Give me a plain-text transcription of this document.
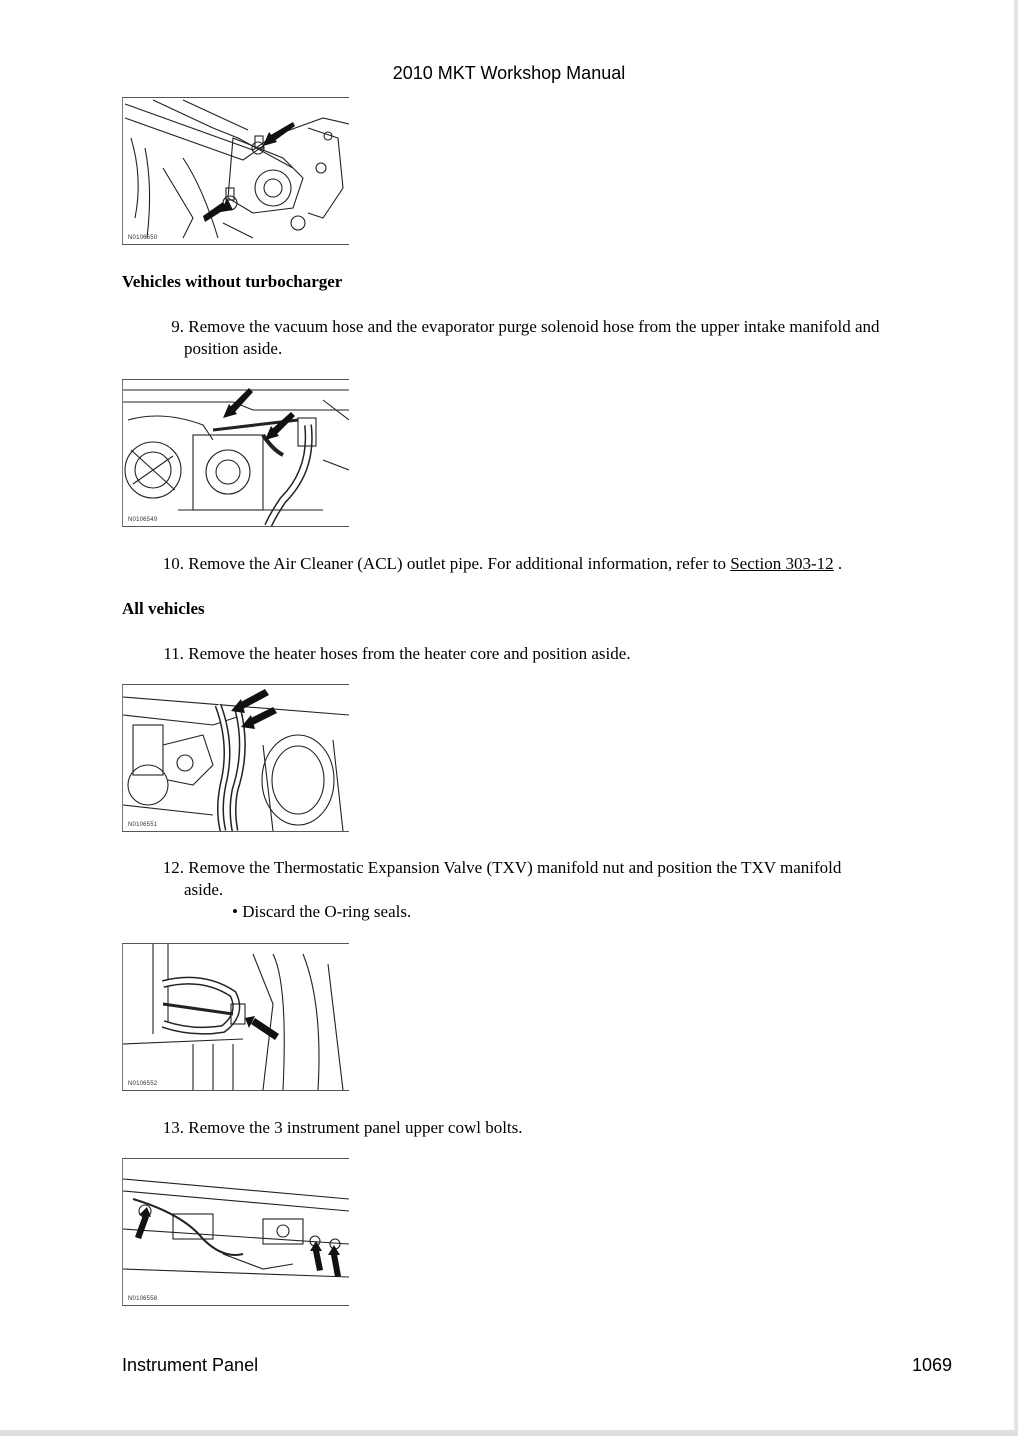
2010 MKT Workshop Manual
N0106550
Vehicles without turbocharger
9. Remove the vacuum hose and the evaporator purge solenoid hose from the upper intake manifold and
position aside.
N0106549
10. Remove the Air Cleaner (ACL) outlet pipe. For additional information, refer to Section 303-12 .
All vehicles
11. Remove the heater hoses from the heater core and position aside.
N0106551
12. Remove the Thermostatic Expansion Valve (TXV) manifold nut and position the TXV manifold
aside.
• Discard the O-ring seals.
N0106552
13. Remove the 3 instrument panel upper cowl bolts.
N0106558
Instrument Panel	1069
